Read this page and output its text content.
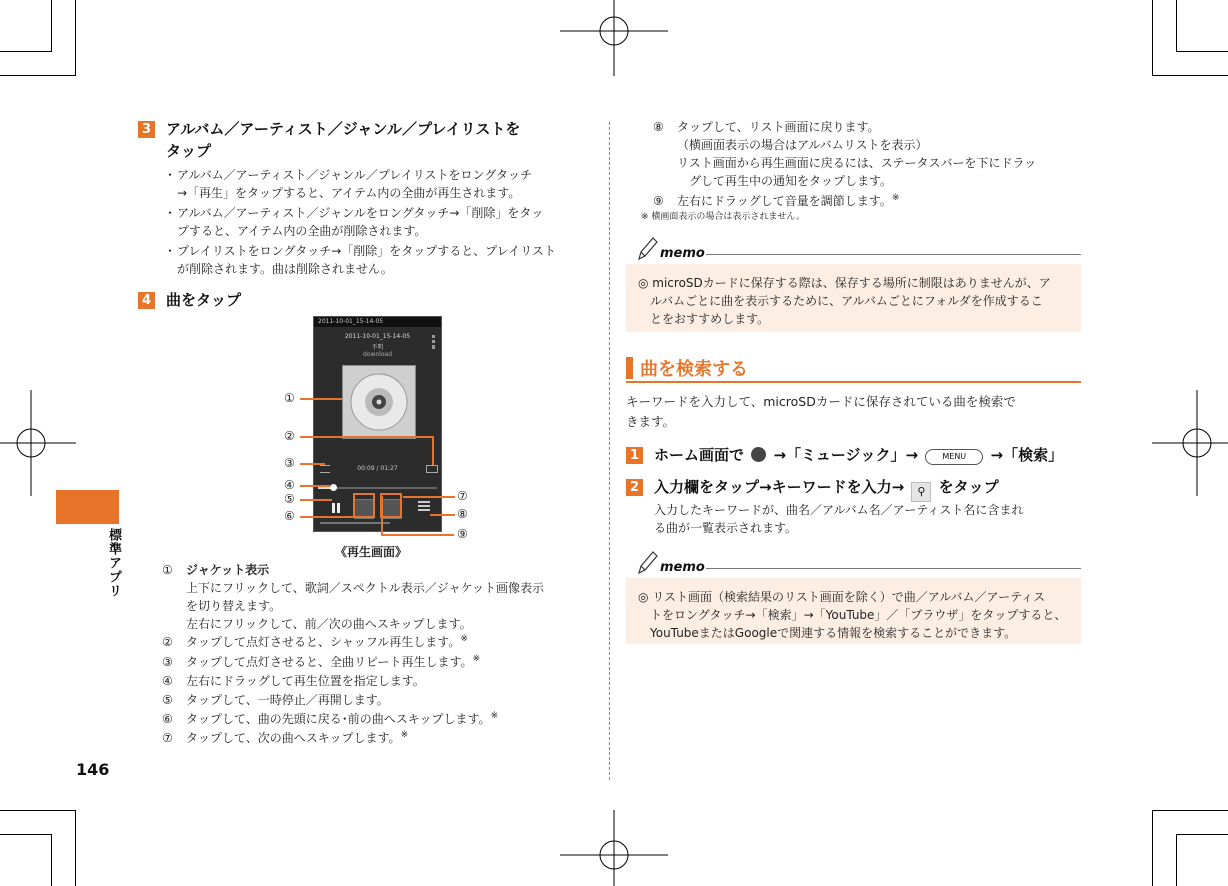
標準アプリ
146
3 アルバム／アーティスト／ジャンル／プレイリストを
タップ
・ アルバム／アーティスト／ジャンル／プレイリストをロングタッチ
→「再生」をタップすると、アイテム内の全曲が再生されます。
・ アルバム／アーティスト／ジャンルをロングタッチ→「削除」をタッ
プすると、アイテム内の全曲が削除されます。
・ プレイリストをロングタッチ→「削除」をタップすると、プレイリスト
が削除されます。曲は削除されません。
4 曲をタップ
2011-10-01_15-14-05
2011-10-01_15-14-05
不明
download
00:09 / 01:27
①
②
③
④
⑤
⑥
⑦
⑧
⑨
《再生画面》
① ジャケット表示
上下にフリックして、歌詞／スペクトル表示／ジャケット画像表示
を切り替えます。
左右にフリックして、前／次の曲へスキップします。
② タップして点灯させると、シャッフル再生します。※
③ タップして点灯させると、全曲リピート再生します。※
④ 左右にドラッグして再生位置を指定します。
⑤ タップして、一時停止／再開します。
⑥ タップして、曲の先頭に戻る･前の曲へスキップします。※
⑦ タップして、次の曲へスキップします。※
⑧ タップして、リスト画面に戻ります。
（横画面表示の場合はアルバムリストを表示）
リスト画面から再生画面に戻るには、ステータスバーを下にドラッ
グして再生中の通知をタップします。
⑨ 左右にドラッグして音量を調節します。※
※ 横画面表示の場合は表示されません。
memo
◎ microSDカードに保存する際は、保存する場所に制限はありませんが、ア
ルバムごとに曲を表示するために、アルバムごとにフォルダを作成するこ
とをおすすめします。
曲を検索する
キーワードを入力して、microSDカードに保存されている曲を検索で
きます。
1 ホーム画面で →「ミュージック」→	MENU →「検索」
2 入力欄をタップ→キーワードを入力→ ⚲ をタップ
入力したキーワードが、曲名／アルバム名／アーティスト名に含まれ
る曲が一覧表示されます。
memo
◎ リスト画面（検索結果のリスト画面を除く）で曲／アルバム／アーティス
トをロングタッチ→「検索」→「YouTube」／「ブラウザ」をタップすると、
YouTubeまたはGoogleで関連する情報を検索することができます。
